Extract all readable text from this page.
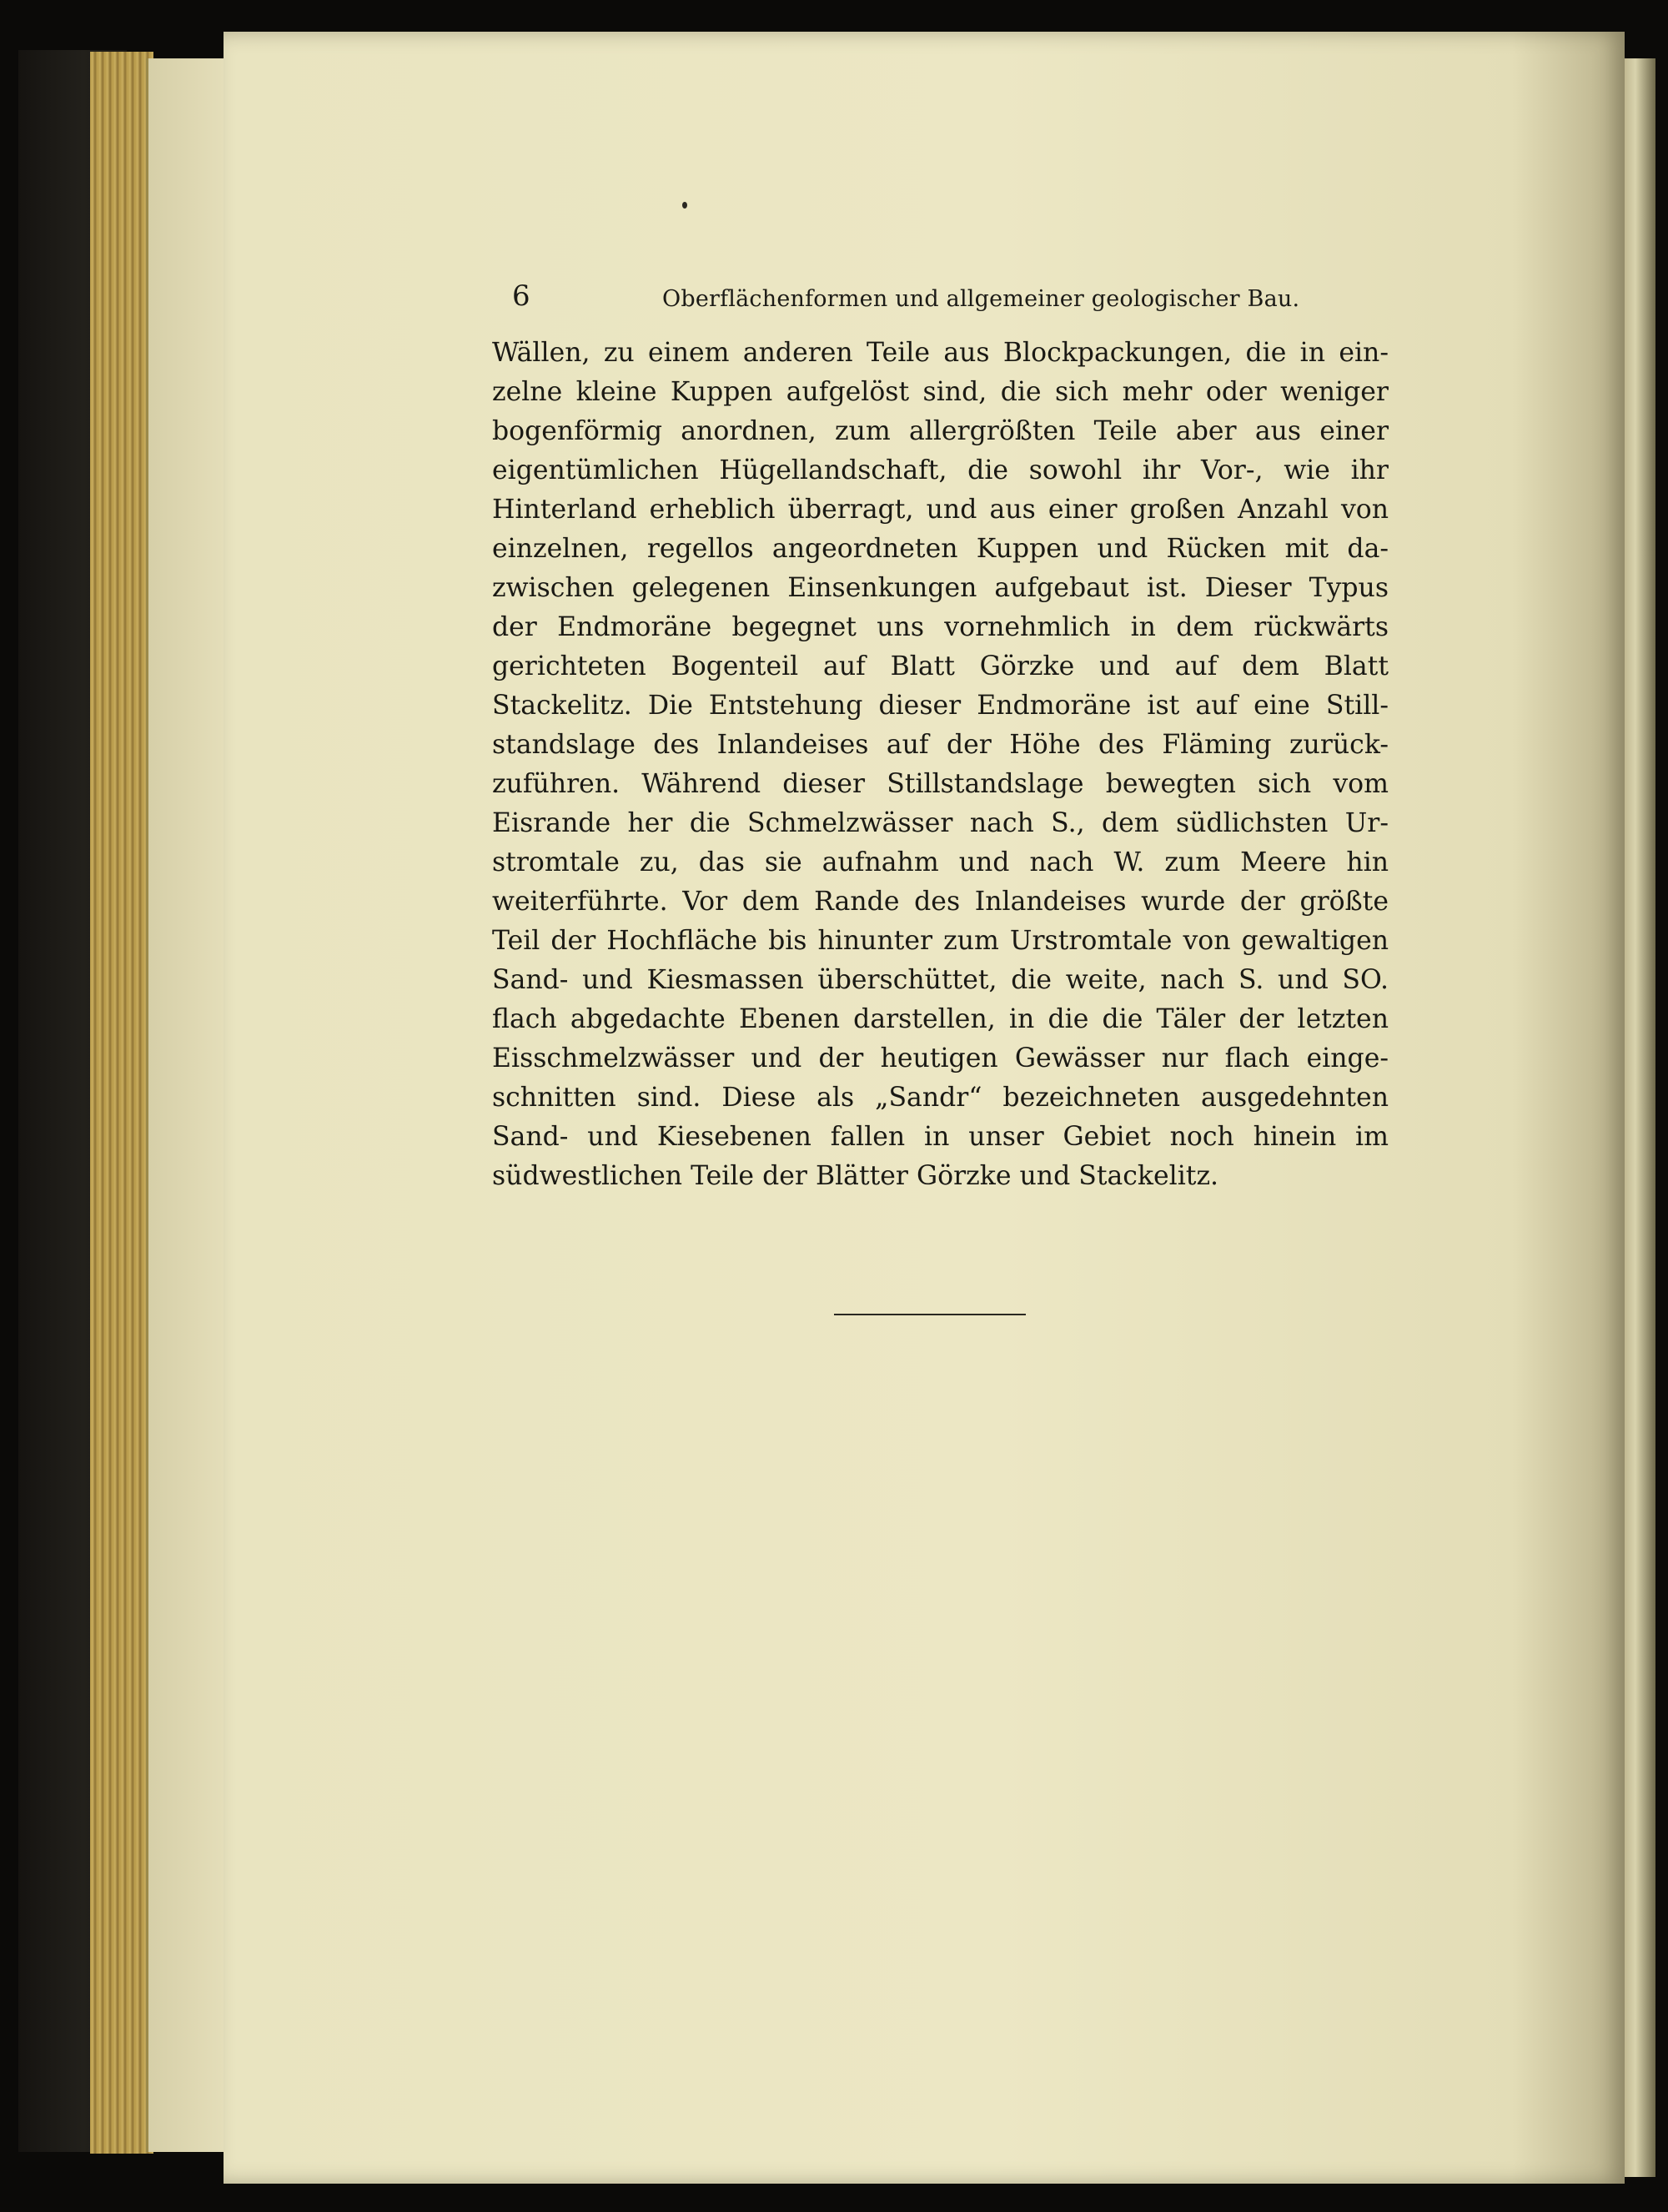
6	Oberflächenformen und allgemeiner geologischer Bau.
Wällen, zu einem anderen Teile aus Blockpackungen, die in ein-
zelne kleine Kuppen aufgelöst sind, die sich mehr oder weniger
bogenförmig anordnen, zum allergrößten Teile aber aus einer
eigentümlichen Hügellandschaft, die sowohl ihr Vor-, wie ihr
Hinterland erheblich überragt, und aus einer großen Anzahl von
einzelnen, regellos angeordneten Kuppen und Rücken mit da-
zwischen gelegenen Einsenkungen aufgebaut ist. Dieser Typus
der Endmoräne begegnet uns vornehmlich in dem rückwärts
gerichteten Bogenteil auf Blatt Görzke und auf dem Blatt
Stackelitz. Die Entstehung dieser Endmoräne ist auf eine Still-
standslage des Inlandeises auf der Höhe des Fläming zurück-
zuführen. Während dieser Stillstandslage bewegten sich vom
Eisrande her die Schmelzwässer nach S., dem südlichsten Ur-
stromtale zu, das sie aufnahm und nach W. zum Meere hin
weiterführte. Vor dem Rande des Inlandeises wurde der größte
Teil der Hochfläche bis hinunter zum Urstromtale von gewaltigen
Sand- und Kiesmassen überschüttet, die weite, nach S. und SO.
flach abgedachte Ebenen darstellen, in die die Täler der letzten
Eisschmelzwässer und der heutigen Gewässer nur flach einge-
schnitten sind. Diese als „Sandr“ bezeichneten ausgedehnten
Sand- und Kiesebenen fallen in unser Gebiet noch hinein im
südwestlichen Teile der Blätter Görzke und Stackelitz.
